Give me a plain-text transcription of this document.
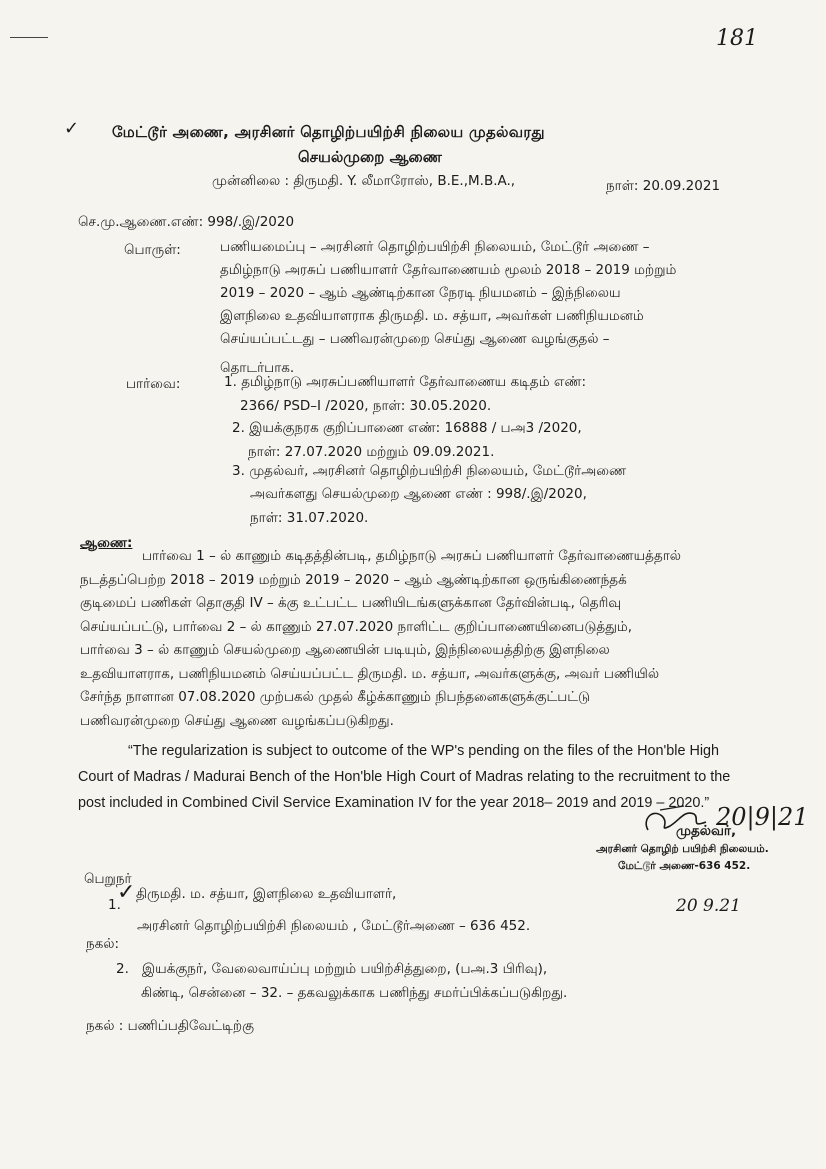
181
✓ மேட்டூர் அணை, அரசினர் தொழிற்பயிற்சி நிலைய முதல்வரது
செயல்முறை ஆணை
முன்னிலை : திருமதி. Y. லீமாரோஸ், B.E.,M.B.A.,	நாள்: 20.09.2021
செ.மு.ஆணை.எண்: 998/.இ/2020
பொருள்:	பணியமைப்பு – அரசினர் தொழிற்பயிற்சி நிலையம், மேட்டூர் அணை –
தமிழ்நாடு அரசுப் பணியாளர் தேர்வாணையம் மூலம் 2018 – 2019 மற்றும்
2019 – 2020 – ஆம் ஆண்டிற்கான நேரடி நியமனம் – இந்நிலைய
இளநிலை உதவியாளராக திருமதி. ம. சத்யா, அவர்கள் பணிநியமனம்
செய்யப்பட்டது – பணிவரன்முறை செய்து ஆணை வழங்குதல் –
தொடர்பாக.
பார்வை:	1. தமிழ்நாடு அரசுப்பணியாளர் தேர்வாணைய கடிதம் எண்:
2366/ PSD–I /2020, நாள்: 30.05.2020.
2. இயக்குநரக குறிப்பாணை எண்: 16888 / பஅ3 /2020,
நாள்: 27.07.2020 மற்றும் 09.09.2021.
3. முதல்வர், அரசினர் தொழிற்பயிற்சி நிலையம், மேட்டூர்அணை
அவர்களது செயல்முறை ஆணை எண் : 998/.இ/2020,
நாள்: 31.07.2020.
ஆணை:
பார்வை 1 – ல் காணும் கடிதத்தின்படி, தமிழ்நாடு அரசுப் பணியாளர் தேர்வாணையத்தால்
நடத்தப்பெற்ற 2018 – 2019 மற்றும் 2019 – 2020 – ஆம் ஆண்டிற்கான ஒருங்கிணைந்தக்
குடிமைப் பணிகள் தொகுதி IV – க்கு உட்பட்ட பணியிடங்களுக்கான தேர்வின்படி, தெரிவு
செய்யப்பட்டு, பார்வை 2 – ல் காணும் 27.07.2020 நாளிட்ட குறிப்பாணையினைபடுத்தும்,
பார்வை 3 – ல் காணும் செயல்முறை ஆணையின் படியும், இந்நிலையத்திற்கு இளநிலை
உதவியாளராக, பணிநியமனம் செய்யப்பட்ட திருமதி. ம. சத்யா, அவர்களுக்கு, அவர் பணியில்
சேர்ந்த நாளான 07.08.2020 முற்பகல் முதல் கீழ்க்காணும் நிபந்தனைகளுக்குட்பட்டு
பணிவரன்முறை செய்து ஆணை வழங்கப்படுகிறது.
“The regularization is subject to outcome of the WP's pending on the files of the Hon'ble High
Court of Madras / Madurai Bench of the Hon'ble High Court of Madras relating to the recruitment to the
post included in Combined Civil Service Examination IV for the year 2018– 2019 and 2019 – 2020.” 20|9|21
முதல்வர்,
அரசினர் தொழிற் பயிற்சி நிலையம்.
மேட்டூர் அணை-636 452.
பெறுநர்
✓
1.
திருமதி. ம. சத்யா, இளநிலை உதவியாளர்,
அரசினர் தொழிற்பயிற்சி நிலையம் , மேட்டூர்அணை – 636 452.
20 9.21
நகல்:
2. இயக்குநர், வேலைவாய்ப்பு மற்றும் பயிற்சித்துறை, (பஅ.3 பிரிவு),
கிண்டி, சென்னை – 32. – தகவலுக்காக பணிந்து சமர்ப்பிக்கப்படுகிறது.
நகல் : பணிப்பதிவேட்டிற்கு
